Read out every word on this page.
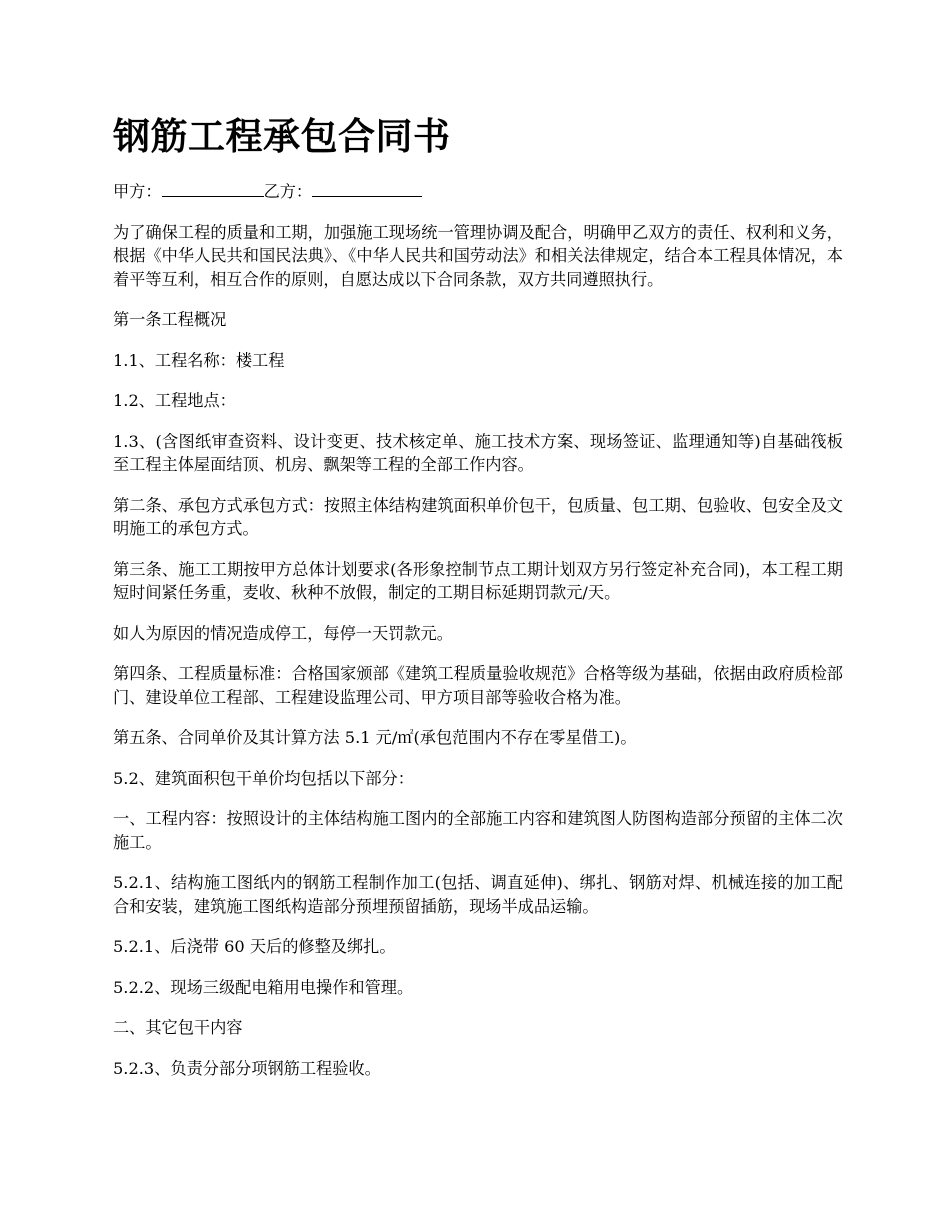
钢筋工程承包合同书
甲方：	乙方：

为了确保工程的质量和工期，加强施工现场统一管理协调及配合，明确甲乙双方的责任、权利和义务，根据《中华人民共和国民法典》、《中华人民共和国劳动法》和相关法律规定，结合本工程具体情况，本着平等互利，相互合作的原则，自愿达成以下合同条款，双方共同遵照执行。

第一条工程概况

1.1、工程名称：楼工程

1.2、工程地点：

1.3、(含图纸审查资料、设计变更、技术核定单、施工技术方案、现场签证、监理通知等)自基础筏板至工程主体屋面结顶、机房、飘架等工程的全部工作内容。

第二条、承包方式承包方式：按照主体结构建筑面积单价包干，包质量、包工期、包验收、包安全及文明施工的承包方式。

第三条、施工工期按甲方总体计划要求(各形象控制节点工期计划双方另行签定补充合同)，本工程工期短时间紧任务重，麦收、秋种不放假，制定的工期目标延期罚款元/天。

如人为原因的情况造成停工，每停一天罚款元。

第四条、工程质量标准：合格国家颁部《建筑工程质量验收规范》合格等级为基础，依据由政府质检部门、建设单位工程部、工程建设监理公司、甲方项目部等验收合格为准。

第五条、合同单价及其计算方法 5.1 元/㎡(承包范围内不存在零星借工)。

5.2、建筑面积包干单价均包括以下部分：

一、工程内容：按照设计的主体结构施工图内的全部施工内容和建筑图人防图构造部分预留的主体二次施工。

5.2.1、结构施工图纸内的钢筋工程制作加工(包括、调直延伸)、绑扎、钢筋对焊、机械连接的加工配合和安装，建筑施工图纸构造部分预埋预留插筋，现场半成品运输。

5.2.1、后浇带 60 天后的修整及绑扎。

5.2.2、现场三级配电箱用电操作和管理。

二、其它包干内容

5.2.3、负责分部分项钢筋工程验收。
